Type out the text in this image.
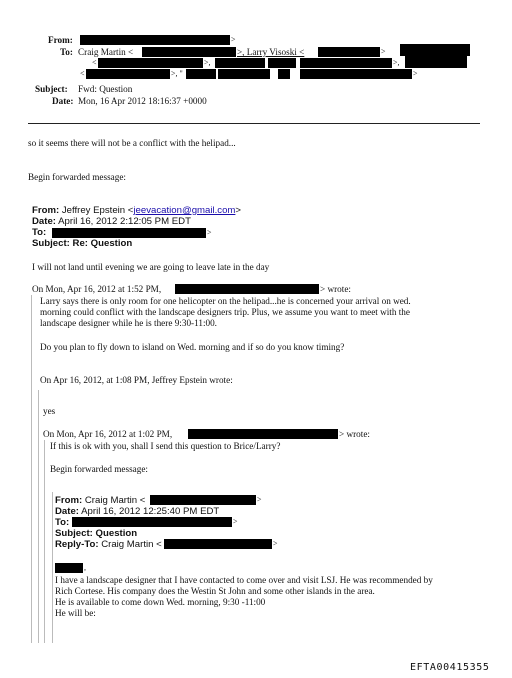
From:	>
To: Craig Martin <	>, Larry Visoski <	>
<	>,	>,
<	>, "	>
Subject: Fwd: Question
Date: Mon, 16 Apr 2012 18:16:37 +0000
so it seems there will not be a conflict with the helipad...
Begin forwarded message:
From: Jeffrey Epstein <jeevacation@gmail.com>
Date: April 16, 2012 2:12:05 PM EDT
To:
Subject: Re: Question
>
I will not land until evening we are going to leave late in the day
On Mon, Apr 16, 2012 at 1:52 PM,	> wrote:
Larry says there is only room for one helicopter on the helipad...he is concerned your arrival on wed.
morning could conflict with the landscape designers trip. Plus, we assume you want to meet with the
landscape designer while he is there 9:30-11:00.
Do you plan to fly down to island on Wed. morning and if so do you know timing?
On Apr 16, 2012, at 1:08 PM, Jeffrey Epstein wrote:
yes
On Mon, Apr 16, 2012 at 1:02 PM,	> wrote:
If this is ok with you, shall I send this question to Brice/Larry?
Begin forwarded message:
From: Craig Martin <
Date: April 16, 2012 12:25:40 PM EDT
To:
Subject: Question
Reply-To: Craig Martin <
>
>
>
,
I have a landscape designer that I have contacted to come over and visit LSJ. He was recommended by
Rich Cortese. His company does the Westin St John and some other islands in the area.
He is available to come down Wed. morning, 9:30 -11:00
He will be:
EFTA00415355
